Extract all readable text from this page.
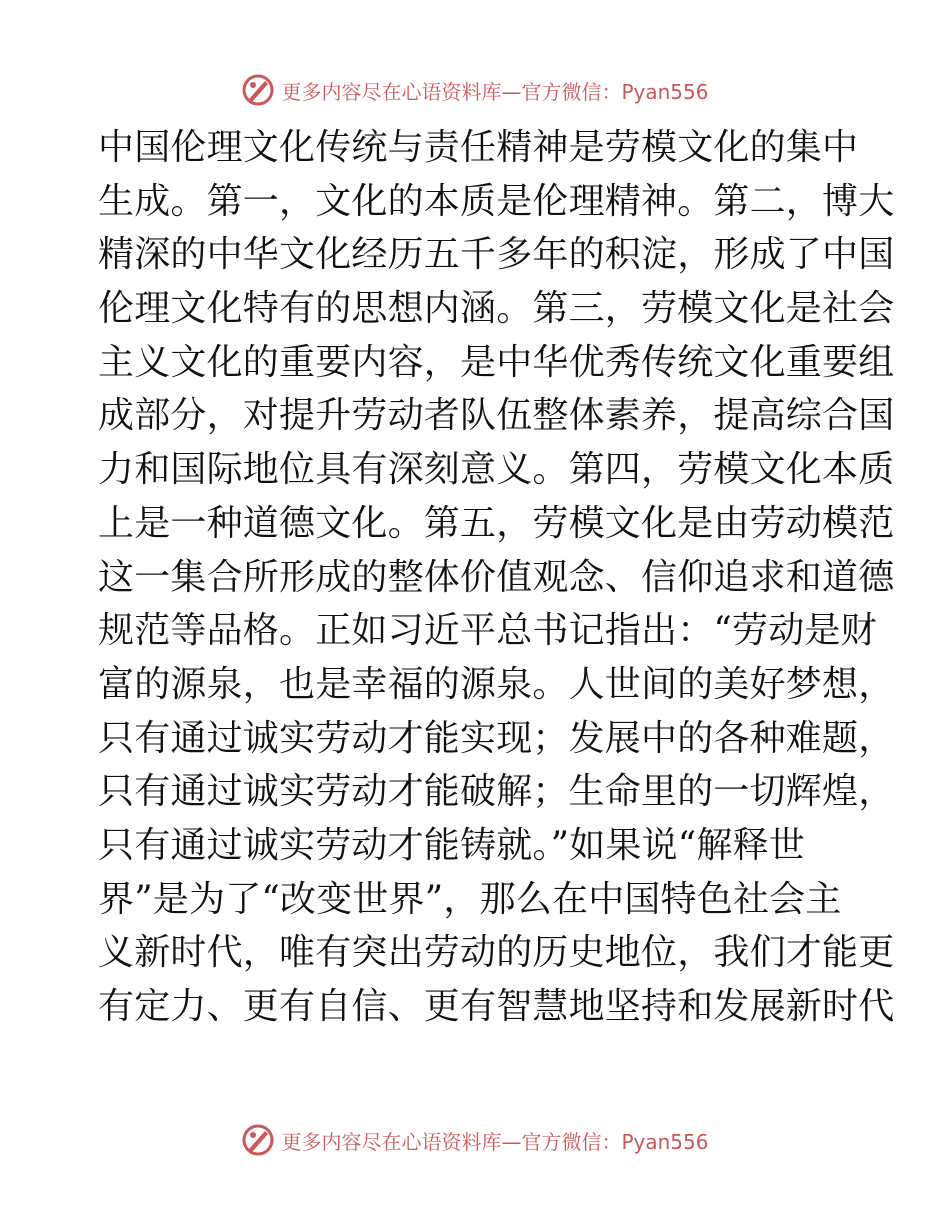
更多内容尽在心语资料库—官方微信：Pyan556
中国伦理文化传统与责任精神是劳模文化的集中
生成。第一，文化的本质是伦理精神。第二，博大
精深的中华文化经历五千多年的积淀，形成了中国
伦理文化特有的思想内涵。第三，劳模文化是社会
主义文化的重要内容，是中华优秀传统文化重要组
成部分，对提升劳动者队伍整体素养，提高综合国
力和国际地位具有深刻意义。第四，劳模文化本质
上是一种道德文化。第五，劳模文化是由劳动模范
这一集合所形成的整体价值观念、信仰追求和道德
规范等品格。正如习近平总书记指出：“劳动是财
富的源泉，也是幸福的源泉。人世间的美好梦想，
只有通过诚实劳动才能实现；发展中的各种难题，
只有通过诚实劳动才能破解；生命里的一切辉煌，
只有通过诚实劳动才能铸就。”如果说“解释世
界”是为了“改变世界”，那么在中国特色社会主
义新时代，唯有突出劳动的历史地位，我们才能更
有定力、更有自信、更有智慧地坚持和发展新时代
更多内容尽在心语资料库—官方微信：Pyan556
